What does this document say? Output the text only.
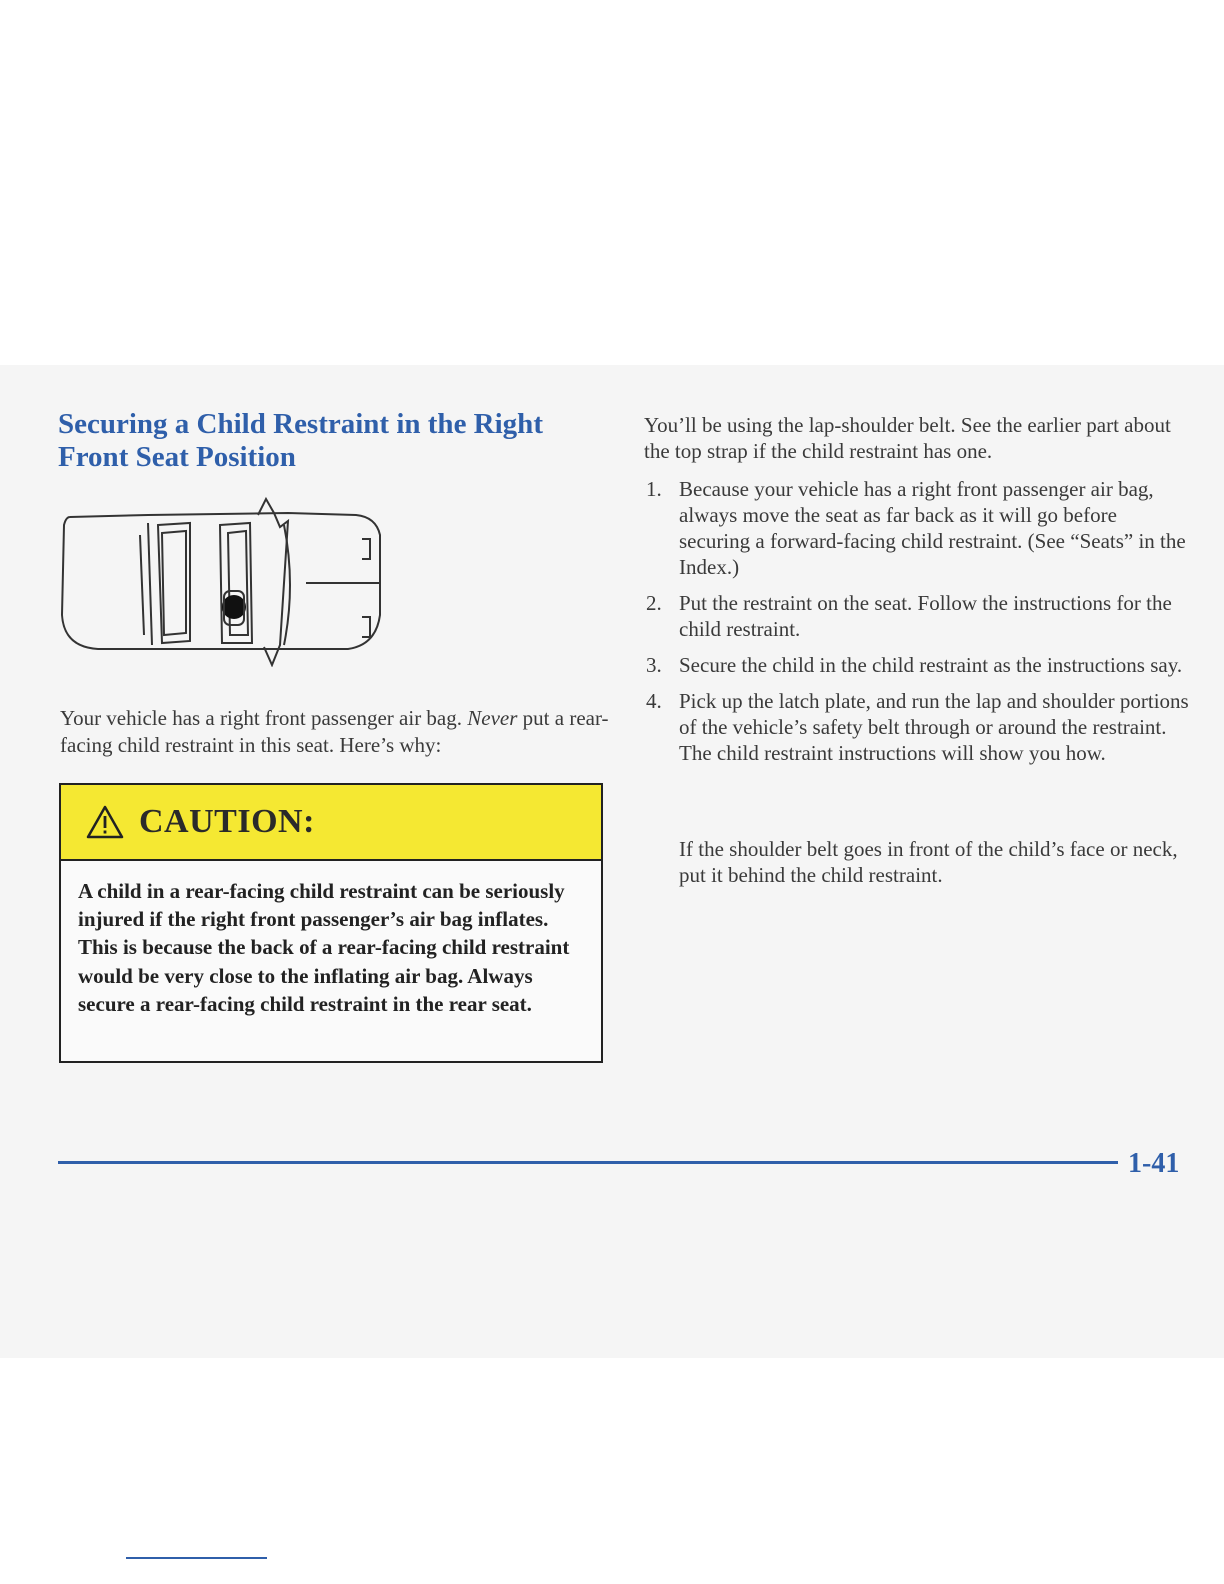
Securing a Child Restraint in the Right Front Seat Position
Your vehicle has a right front passenger air bag. Never put a rear-facing child restraint in this seat. Here’s why:
CAUTION:
A child in a rear-facing child restraint can be seriously injured if the right front passenger’s air bag inflates. This is because the back of a rear-facing child restraint would be very close to the inflating air bag. Always secure a rear-facing child restraint in the rear seat.
You’ll be using the lap-shoulder belt. See the earlier part about the top strap if the child restraint has one.
1. Because your vehicle has a right front passenger air bag, always move the seat as far back as it will go before securing a forward-facing child restraint. (See “Seats” in the Index.)
2. Put the restraint on the seat. Follow the instructions for the child restraint.
3. Secure the child in the child restraint as the instructions say.
4. Pick up the latch plate, and run the lap and shoulder portions of the vehicle’s safety belt through or around the restraint. The child restraint instructions will show you how.
If the shoulder belt goes in front of the child’s face or neck, put it behind the child restraint.
1-41
